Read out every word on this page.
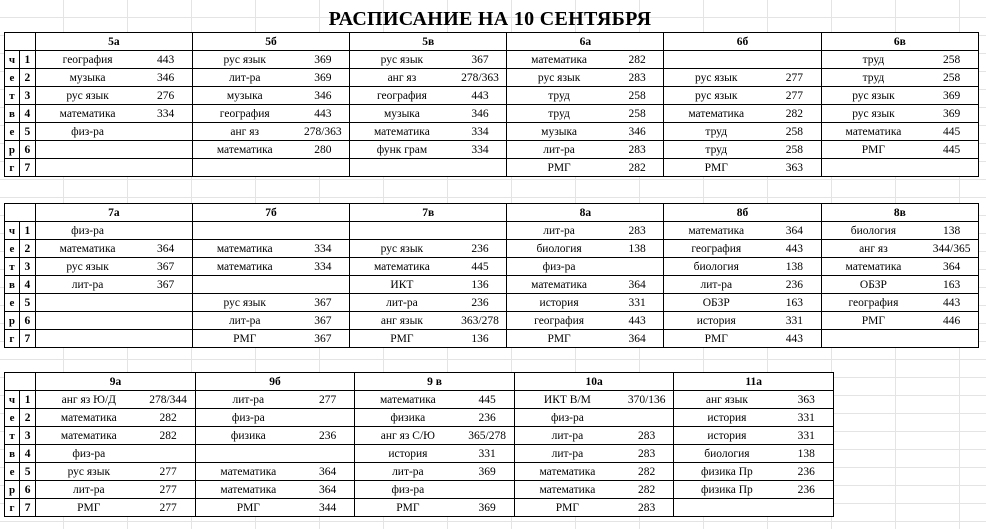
РАСПИСАНИЕ НА 10 СЕНТЯБРЯ
		5а		5б		5в		6а		6б		6в	
ч	1	география	443	рус язык	369	рус язык	367	математика	282			труд	258
е	2	музыка	346	лит-ра	369	анг яз	278/363	рус язык	283	рус язык	277	труд	258
т	3	рус язык	276	музыка	346	география	443	труд	258	рус язык	277	рус язык	369
в	4	математика	334	география	443	музыка	346	труд	258	математика	282	рус язык	369
е	5	физ-ра		анг яз	278/363	математика	334	музыка	346	труд	258	математика	445
р	6			математика	280	функ грам	334	лит-ра	283	труд	258	РМГ	445
г	7							РМГ	282	РМГ	363		
		7а		7б		7в		8а		8б		8в	
ч	1	физ-ра						лит-ра	283	математика	364	биология	138
е	2	математика	364	математика	334	рус язык	236	биология	138	география	443	анг яз	344/365
т	3	рус язык	367	математика	334	математика	445	физ-ра		биология	138	математика	364
в	4	лит-ра	367			ИКТ	136	математика	364	лит-ра	236	ОБЗР	163
е	5			рус язык	367	лит-ра	236	история	331	ОБЗР	163	география	443
р	6			лит-ра	367	анг язык	363/278	география	443	история	331	РМГ	446
г	7			РМГ	367	РМГ	136	РМГ	364	РМГ	443		
		9а		9б		9 в		10а		11а	
ч	1	анг яз Ю/Д	278/344	лит-ра	277	математика	445	ИКТ В/М	370/136	анг язык	363
е	2	математика	282	физ-ра		физика	236	физ-ра		история	331
т	3	математика	282	физика	236	анг яз С/Ю	365/278	лит-ра	283	история	331
в	4	физ-ра				история	331	лит-ра	283	биология	138
е	5	рус язык	277	математика	364	лит-ра	369	математика	282	физика Пр	236
р	6	лит-ра	277	математика	364	физ-ра		математика	282	физика Пр	236
г	7	РМГ	277	РМГ	344	РМГ	369	РМГ	283		
